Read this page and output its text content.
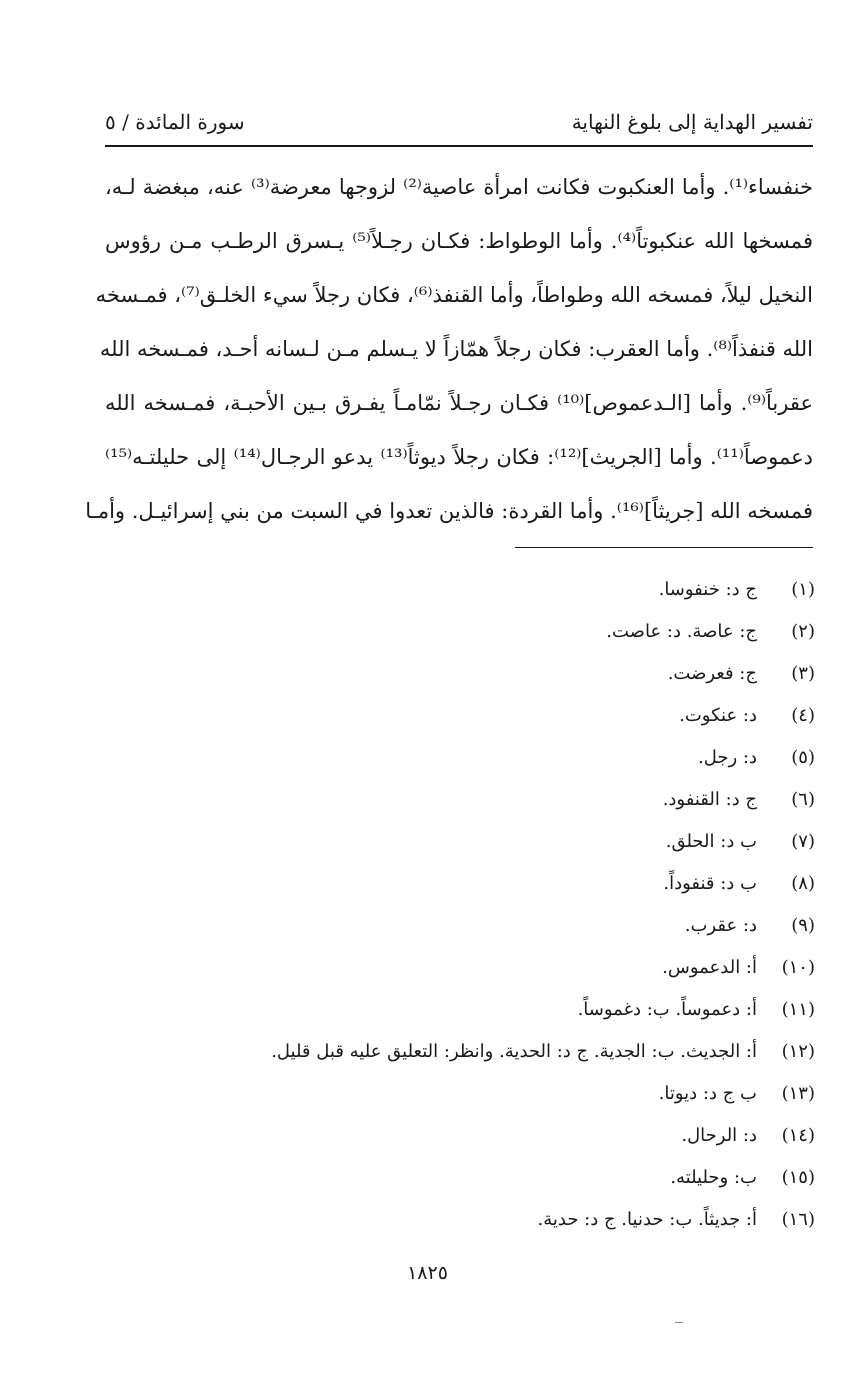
تفسير الهداية إلى بلوغ النهاية
سورة المائدة / ٥
خنفساء⁽¹⁾. وأما العنكبوت فكانت امرأة عاصية⁽²⁾ لزوجها معرضة⁽³⁾ عنه، مبغضة لـه،
فمسخها الله عنكبوتاً⁽⁴⁾. وأما الوطواط: فكـان رجـلاً⁽⁵⁾ يـسرق الرطـب مـن رؤوس
النخيل ليلاً، فمسخه الله وطواطاً، وأما القنفذ⁽⁶⁾، فكان رجلاً سيء الخلـق⁽⁷⁾، فمـسخه
الله قنفذاً⁽⁸⁾. وأما العقرب: فكان رجلاً همّازاً لا يـسلم مـن لـسانه أحـد، فمـسخه الله
عقرباً⁽⁹⁾. وأما [الـدعموص]⁽¹⁰⁾ فكـان رجـلاً نمّامـاً يفـرق بـين الأحبـة، فمـسخه الله
دعموصاً⁽¹¹⁾. وأما [الجريث]⁽¹²⁾: فكان رجلاً ديوثاً⁽¹³⁾ يدعو الرجـال⁽¹⁴⁾ إلى حليلتـه⁽¹⁵⁾
فمسخه الله [جريثاً]⁽¹⁶⁾. وأما القردة: فالذين تعدوا في السبت من بني إسرائيـل. وأمـا
(١)
ج د: خنفوسا.
(٢)
ج: عاصة. د: عاصت.
(٣)
ج: فعرضت.
(٤)
د: عنكوت.
(٥)
د: رجل.
(٦)
ج د: القنفود.
(٧)
ب د: الحلق.
(٨)
ب د: قنفوداً.
(٩)
د: عقرب.
(١٠)
أ: الدعموس.
(١١)
أ: دعموساً. ب: دغموساً.
(١٢)
أ: الجديث. ب: الجدية. ج د: الحدية. وانظر: التعليق عليه قبل قليل.
(١٣)
ب ج د: ديوتا.
(١٤)
د: الرحال.
(١٥)
ب: وحليلته.
(١٦)
أ: جديثاً. ب: حدنيا. ج د: حدية.
١٨٢٥
